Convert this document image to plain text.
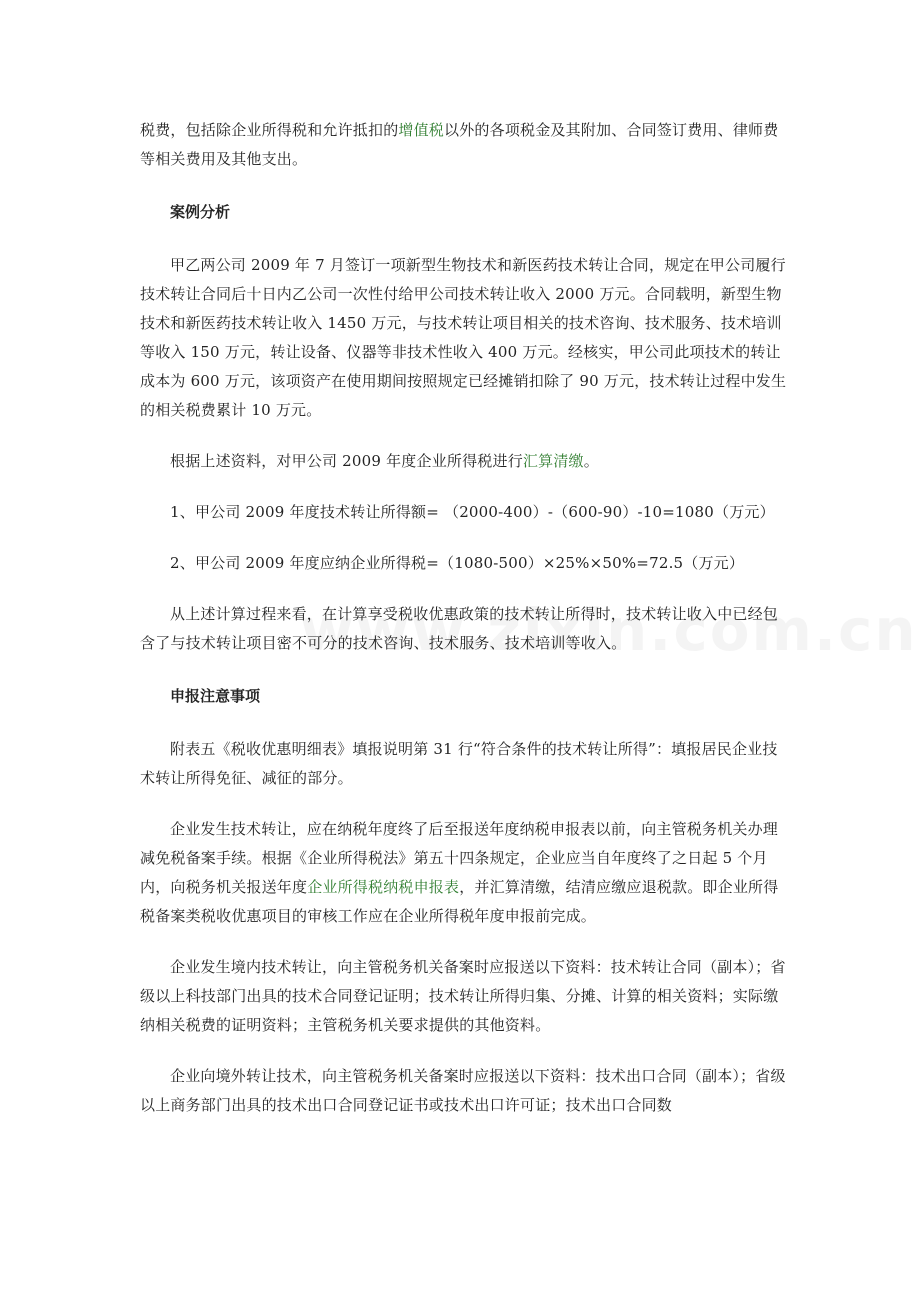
税费，包括除企业所得税和允许抵扣的增值税以外的各项税金及其附加、合同签订费用、律师费等相关费用及其他支出。

案例分析

甲乙两公司 2009 年 7 月签订一项新型生物技术和新医药技术转让合同，规定在甲公司履行技术转让合同后十日内乙公司一次性付给甲公司技术转让收入 2000 万元。合同载明，新型生物技术和新医药技术转让收入 1450 万元，与技术转让项目相关的技术咨询、技术服务、技术培训等收入 150 万元，转让设备、仪器等非技术性收入 400 万元。经核实，甲公司此项技术的转让成本为 600 万元，该项资产在使用期间按照规定已经摊销扣除了 90 万元，技术转让过程中发生的相关税费累计 10 万元。

根据上述资料，对甲公司 2009 年度企业所得税进行汇算清缴。

1、甲公司 2009 年度技术转让所得额= （2000-400）-（600-90）-10=1080（万元）

2、甲公司 2009 年度应纳企业所得税=（1080-500）×25%×50%=72.5（万元）

从上述计算过程来看，在计算享受税收优惠政策的技术转让所得时，技术转让收入中已经包含了与技术转让项目密不可分的技术咨询、技术服务、技术培训等收入。

申报注意事项

附表五《税收优惠明细表》填报说明第 31 行“符合条件的技术转让所得”：填报居民企业技术转让所得免征、减征的部分。

企业发生技术转让，应在纳税年度终了后至报送年度纳税申报表以前，向主管税务机关办理减免税备案手续。根据《企业所得税法》第五十四条规定，企业应当自年度终了之日起 5 个月内，向税务机关报送年度企业所得税纳税申报表，并汇算清缴，结清应缴应退税款。即企业所得税备案类税收优惠项目的审核工作应在企业所得税年度申报前完成。

企业发生境内技术转让，向主管税务机关备案时应报送以下资料：技术转让合同（副本）；省级以上科技部门出具的技术合同登记证明；技术转让所得归集、分摊、计算的相关资料；实际缴纳相关税费的证明资料；主管税务机关要求提供的其他资料。

企业向境外转让技术，向主管税务机关备案时应报送以下资料：技术出口合同（副本）；省级以上商务部门出具的技术出口合同登记证书或技术出口许可证；技术出口合同数
